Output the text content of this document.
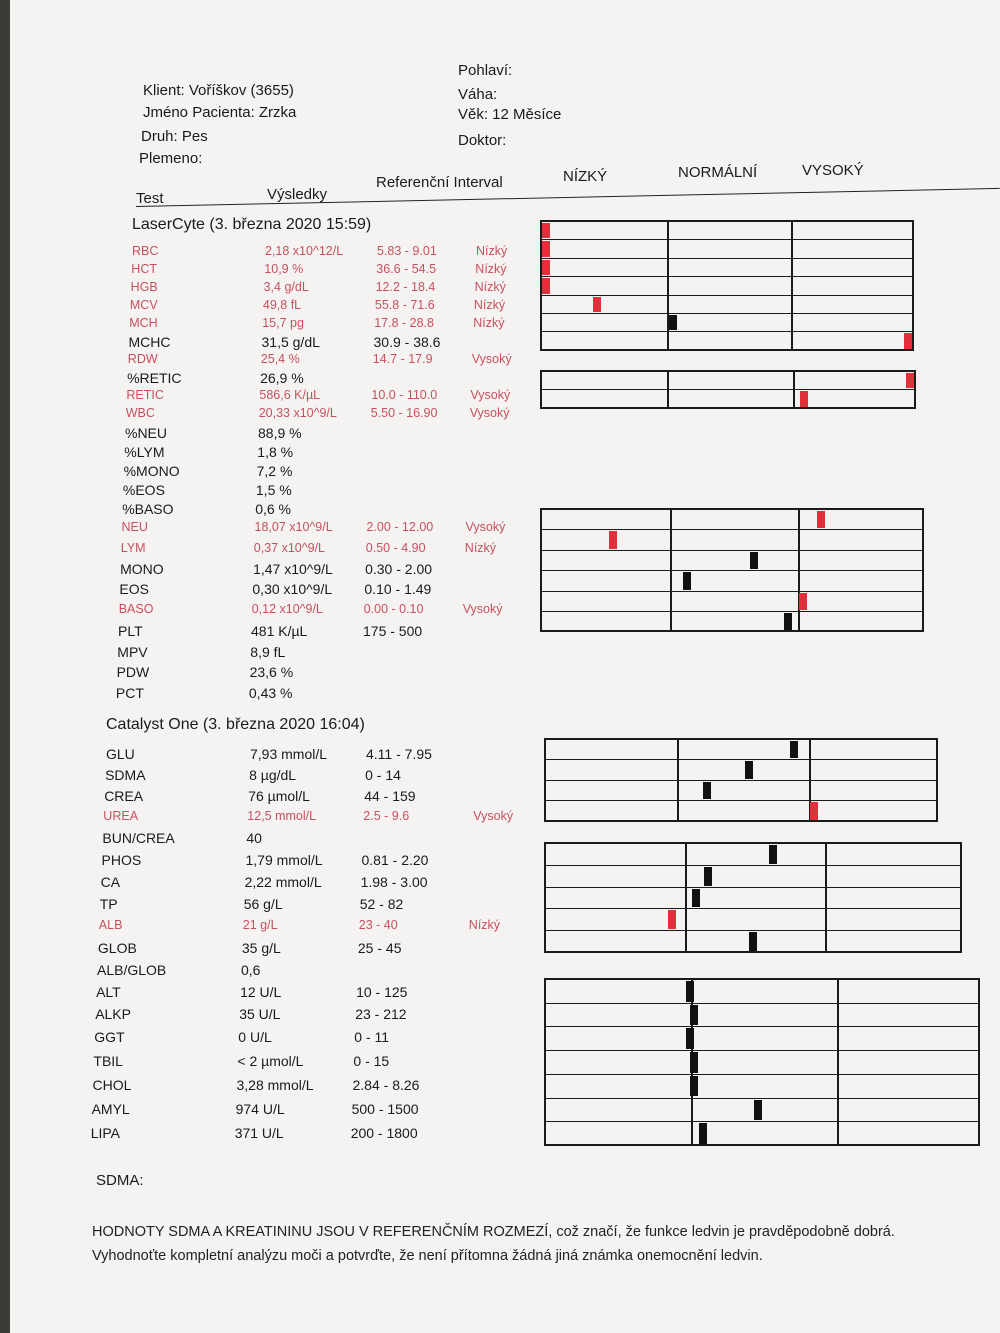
Klient: Voříškov (3655)
Jméno Pacienta: Zrzka
Druh: Pes
Plemeno:
Pohlaví:
Váha:
Věk: 12 Měsíce
Doktor:
Test	Výsledky
Referenční Interval	NÍZKÝ	NORMÁLNÍ	VYSOKÝ
LaserCyte (3. března 2020 15:59)
Catalyst One (3. března 2020 16:04)
RBC	2,18 x10^12/L	5.83 - 9.01	Nízký
HCT	10,9 %	36.6 - 54.5	Nízký
HGB	3,4 g/dL	12.2 - 18.4	Nízký
MCV	49,8 fL	55.8 - 71.6	Nízký
MCH	15,7 pg	17.8 - 28.8	Nízký
MCHC	31,5 g/dL	30.9 - 38.6
RDW	25,4 %	14.7 - 17.9	Vysoký
%RETIC	26,9 %
RETIC	586,6 K/µL	10.0 - 110.0	Vysoký
WBC	20,33 x10^9/L	5.50 - 16.90	Vysoký
%NEU	88,9 %
%LYM	1,8 %
%MONO	7,2 %
%EOS	1,5 %
%BASO	0,6 %
NEU	18,07 x10^9/L	2.00 - 12.00	Vysoký
LYM	0,37 x10^9/L	0.50 - 4.90	Nízký
MONO	1,47 x10^9/L 0.30 - 2.00
EOS	0,30 x10^9/L 0.10 - 1.49
BASO	0,12 x10^9/L	0.00 - 0.10	Vysoký
PLT	481 K/µL	175 - 500
MPV	8,9 fL
PDW	23,6 %
PCT	0,43 %
GLU	7,93 mmol/L	4.11 - 7.95
SDMA	8 µg/dL	0 - 14
CREA	76 µmol/L	44 - 159
UREA	12,5 mmol/L	2.5 - 9.6	Vysoký
BUN/CREA	40
PHOS	1,79 mmol/L	0.81 - 2.20
CA	2,22 mmol/L	1.98 - 3.00
TP	56 g/L	52 - 82
ALB	21 g/L	23 - 40	Nízký
GLOB	35 g/L	25 - 45
ALB/GLOB	0,6
ALT	12 U/L	10 - 125
ALKP	35 U/L	23 - 212
GGT	0 U/L	0 - 11
TBIL	< 2 µmol/L	0 - 15
CHOL	3,28 mmol/L	2.84 - 8.26
AMYL	974 U/L	500 - 1500
LIPA	371 U/L	200 - 1800
SDMA:
HODNOTY SDMA A KREATININU JSOU V REFERENČNÍM ROZMEZÍ, což značí, že funkce ledvin je pravděpodobně dobrá. Vyhodnoťte kompletní analýzu moči a potvrďte, že není přítomna žádná jiná známka onemocnění ledvin.
